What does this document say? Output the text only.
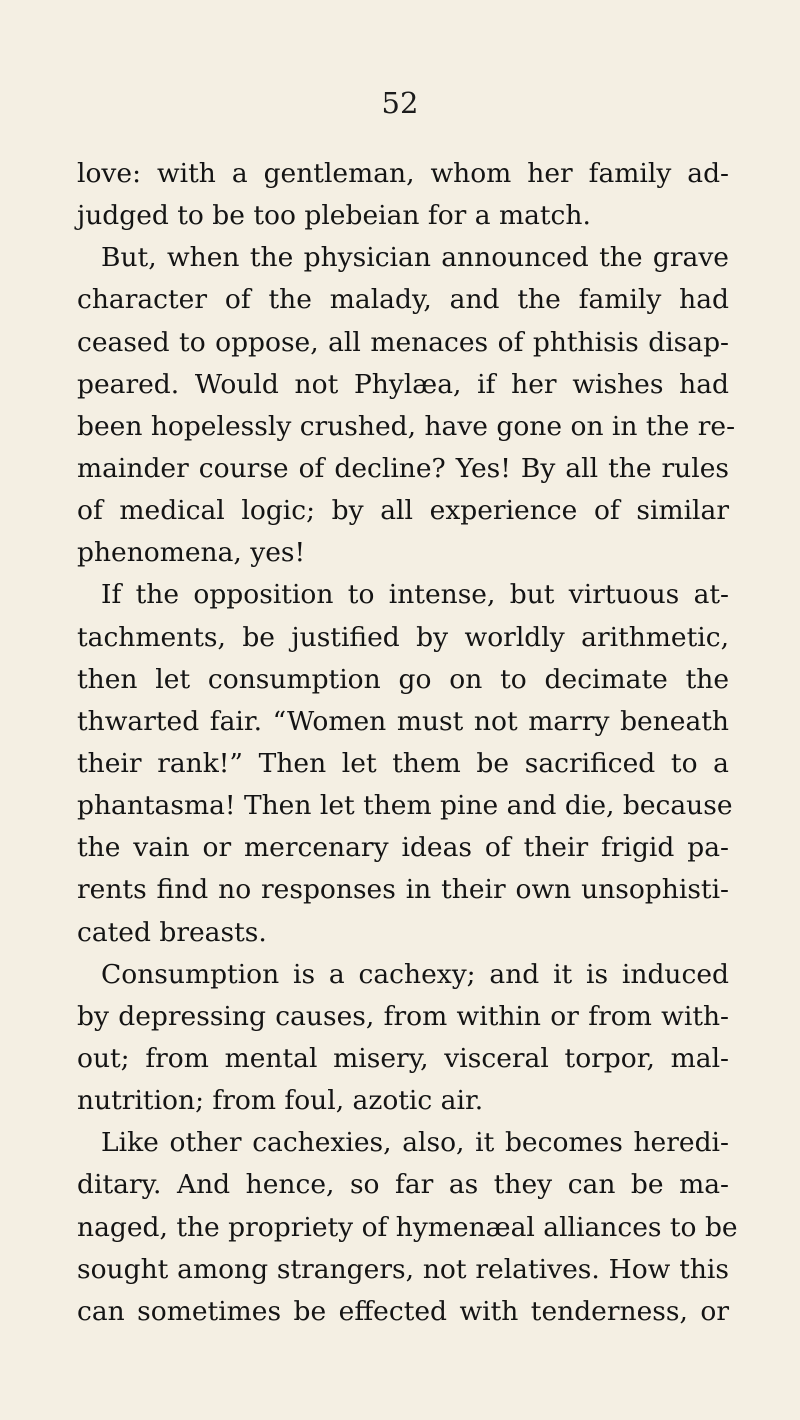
52
love: with a gentleman, whom her family ad-
judged to be too plebeian for a match.
But, when the physician announced the grave
character of the malady, and the family had
ceased to oppose, all menaces of phthisis disap-
peared. Would not Phylæa, if her wishes had
been hopelessly crushed, have gone on in the re-
mainder course of decline? Yes! By all the rules
of medical logic; by all experience of similar
phenomena, yes!
If the opposition to intense, but virtuous at-
tachments, be justified by worldly arithmetic,
then let consumption go on to decimate the
thwarted fair. “Women must not marry beneath
their rank!” Then let them be sacrificed to a
phantasma! Then let them pine and die, because
the vain or mercenary ideas of their frigid pa-
rents find no responses in their own unsophisti-
cated breasts.
Consumption is a cachexy; and it is induced
by depressing causes, from within or from with-
out; from mental misery, visceral torpor, mal-
nutrition; from foul, azotic air.
Like other cachexies, also, it becomes heredi-
ditary. And hence, so far as they can be ma-
naged, the propriety of hymenæal alliances to be
sought among strangers, not relatives. How this
can sometimes be effected with tenderness, or
